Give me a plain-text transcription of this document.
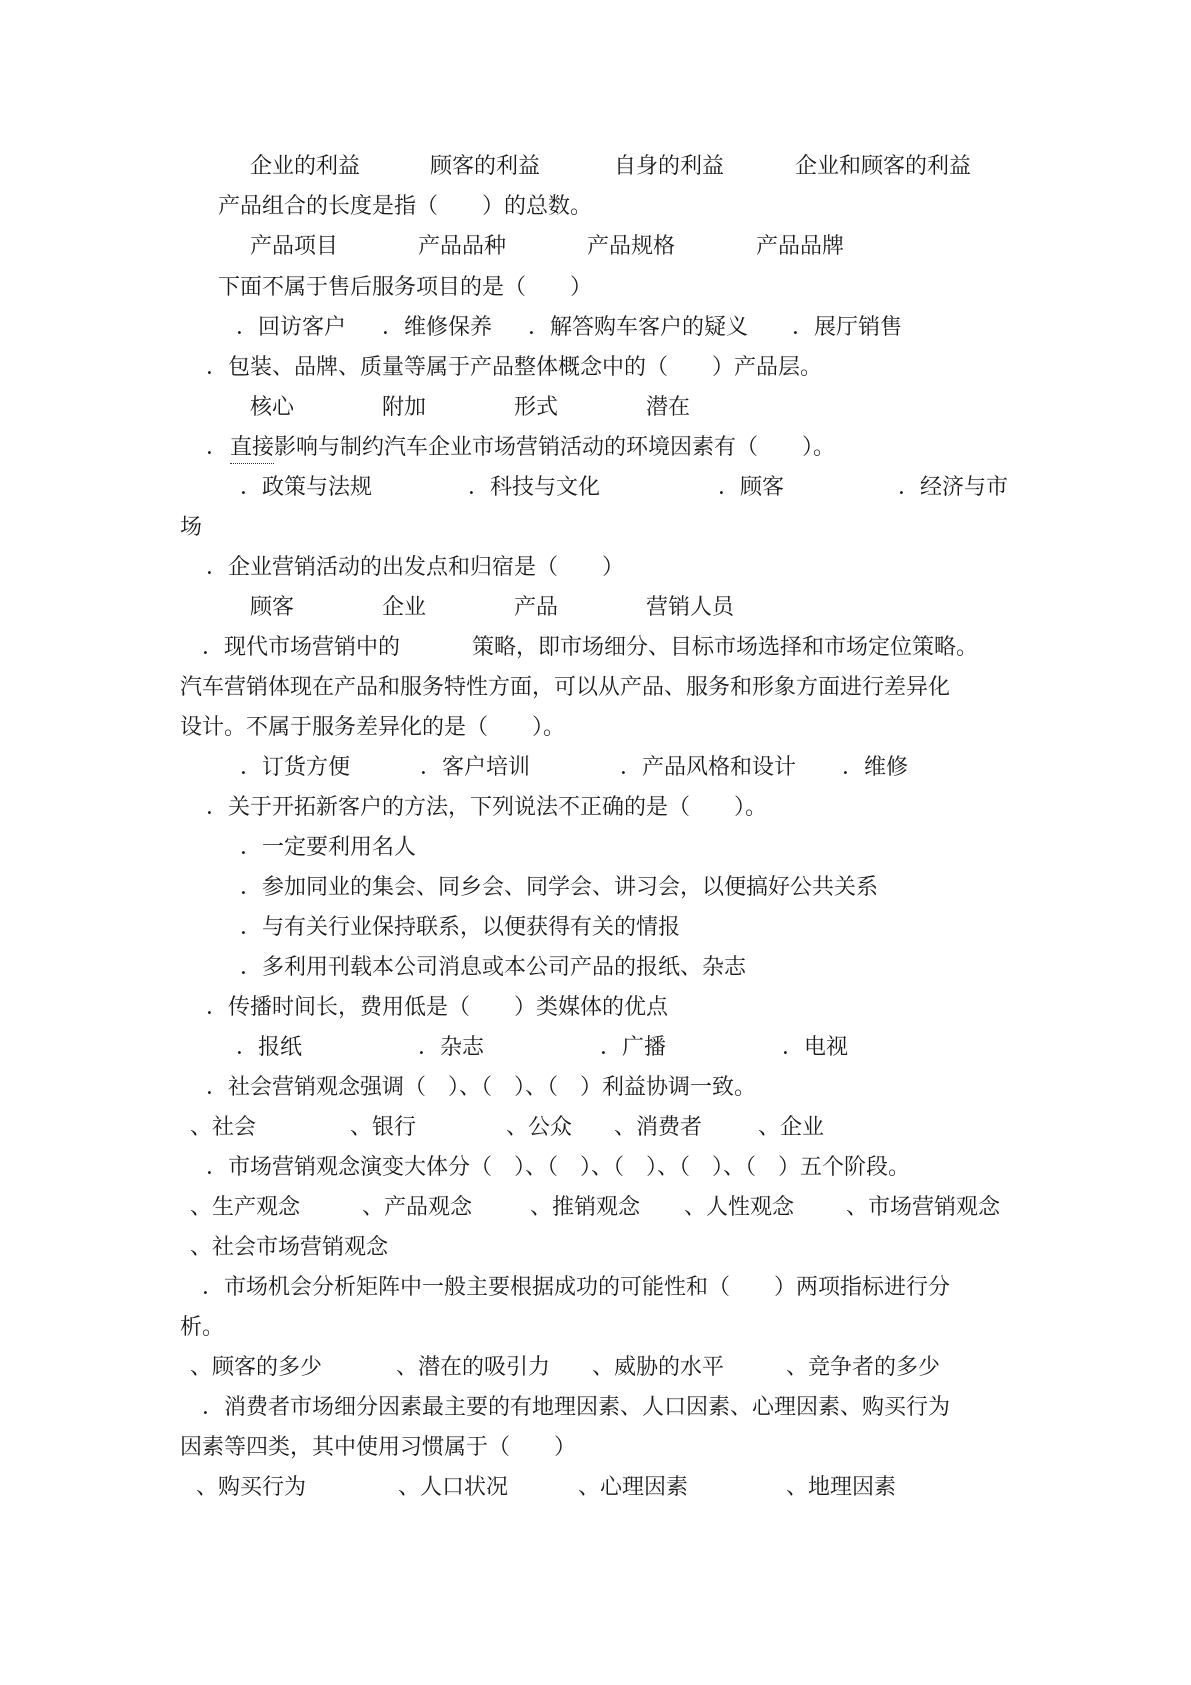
企业的利益	顾客的利益	自身的利益	企业和顾客的利益
产品组合的长度是指（　　）的总数。
产品项目	产品品种	产品规格	产品品牌
下面不属于售后服务项目的是（　　）
．回访客户 ．维修保养 ．解答购车客户的疑义 ．展厅销售
．包装、品牌、质量等属于产品整体概念中的（　　）产品层。
核心	附加	形式	潜在
． 直接 影响与制约汽车企业市场营销活动的环境因素有（　　）。
．政策与法规	．科技与文化	．顾客	．经济与市
场
．企业营销活动的出发点和归宿是（　　）
顾客	企业	产品	营销人员
．现代市场营销中的	策略，即市场细分、目标市场选择和市场定位策略。
汽车营销体现在产品和服务特性方面，可以从产品、服务和形象方面进行差异化
设计。不属于服务差异化的是（　　）。
．订货方便	．客户培训	．产品风格和设计 ．维修
．关于开拓新客户的方法，下列说法不正确的是（　　）。
．一定要利用名人
．参加同业的集会、同乡会、同学会、讲习会，以便搞好公共关系
．与有关行业保持联系，以便获得有关的情报
．多利用刊载本公司消息或本公司产品的报纸、杂志
．传播时间长，费用低是（　　）类媒体的优点
．报纸	．杂志	．广播	．电视
．社会营销观念强调（　）、（　）、（　）利益协调一致。
、社会	、银行	、公众 、消费者	、企业
．市场营销观念演变大体分（　）、（　）、（　）、（　）、（　）五个阶段。
、生产观念	、产品观念	、推销观念 、人性观念 、市场营销观念
、社会市场营销观念
．市场机会分析矩阵中一般主要根据成功的可能性和（　　）两项指标进行分
析。
、顾客的多少	、潜在的吸引力 、威胁的水平	、竞争者的多少
．消费者市场细分因素最主要的有地理因素、人口因素、心理因素、购买行为
因素等四类，其中使用习惯属于（　　）
、购买行为	、人口状况	、心理因素	、地理因素
